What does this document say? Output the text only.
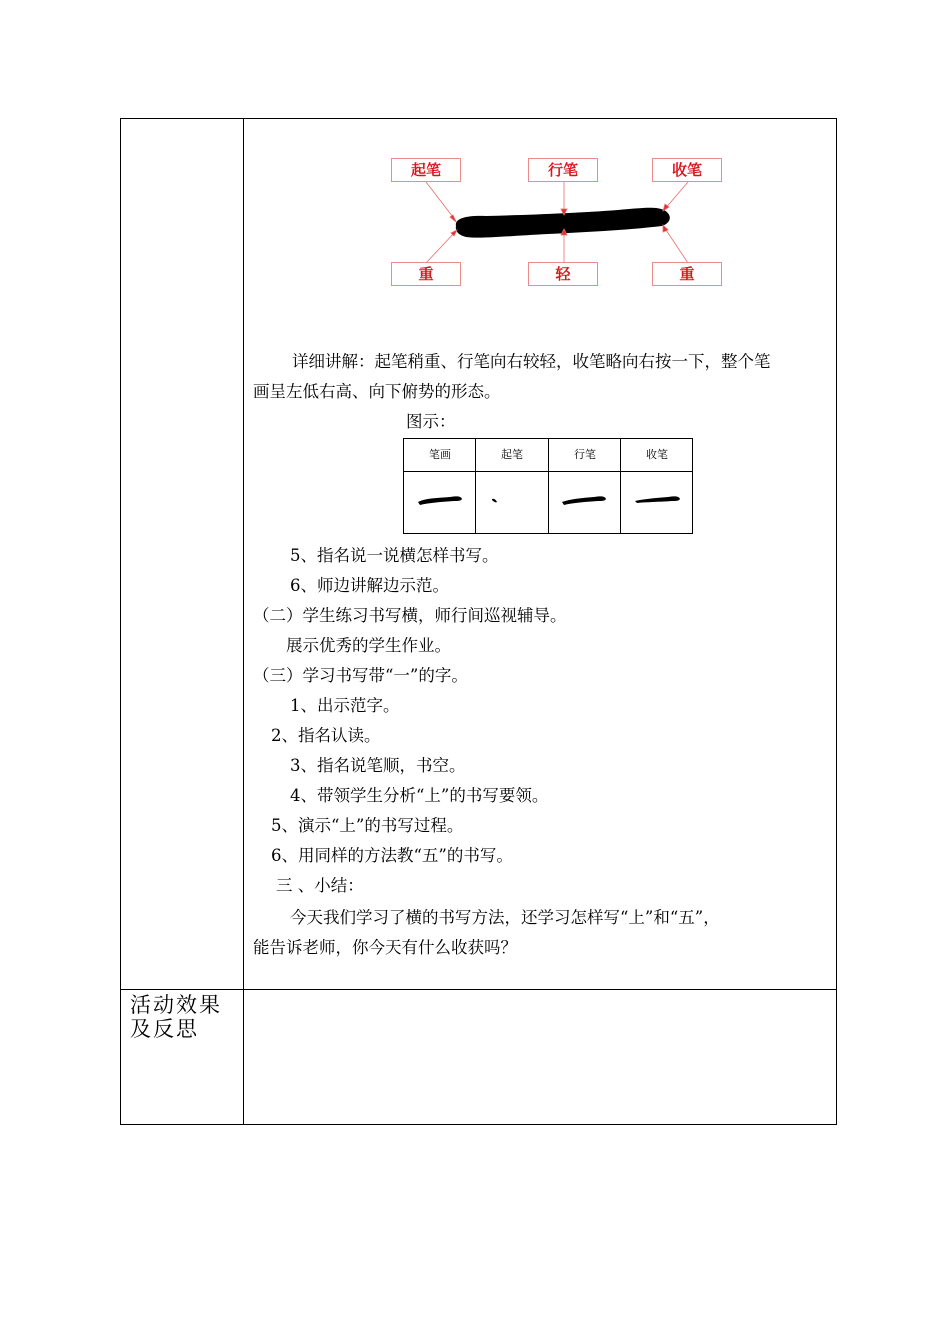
起笔	行笔	收笔
重	轻	重
详细讲解：起笔稍重、行笔向右较轻，收笔略向右按一下，整个笔
画呈左低右高、向下俯势的形态。
图示：
笔画	起笔	行笔	收笔
5、指名说一说横怎样书写。
6、师边讲解边示范。
（二）学生练习书写横，师行间巡视辅导。
展示优秀的学生作业。
（三）学习书写带“一”的字。
1、出示范字。
2、指名认读。
3、指名说笔顺，书空。
4、带领学生分析“上”的书写要领。
5、演示“上”的书写过程。
6、用同样的方法教“五”的书写。
三 、小结：
今天我们学习了横的书写方法，还学习怎样写“上”和“五”，
能告诉老师，你今天有什么收获吗？
活动效果
及反思
